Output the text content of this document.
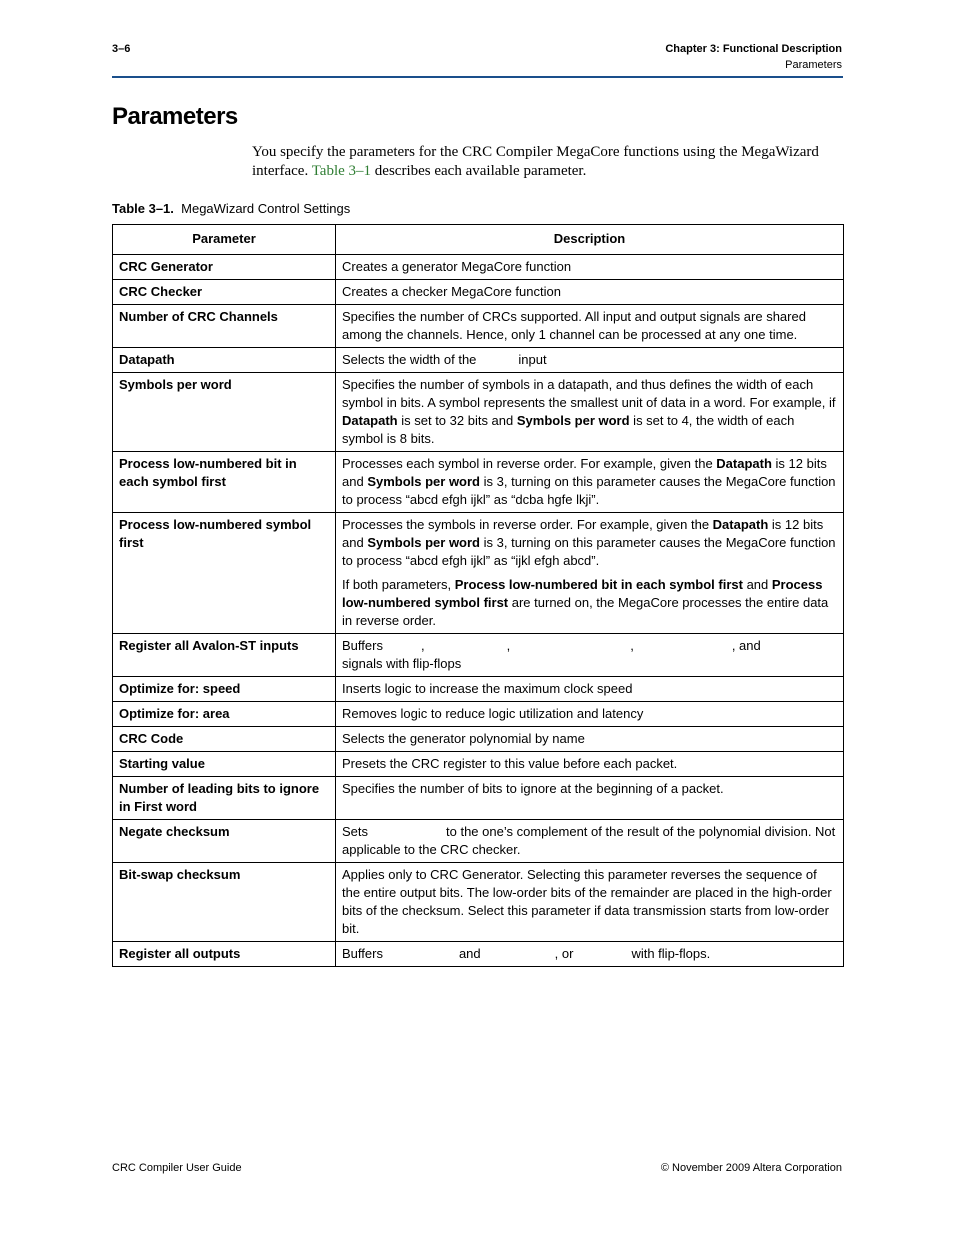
3–6	Chapter 3: Functional Description
Parameters
Parameters

You specify the parameters for the CRC Compiler MegaCore functions using the MegaWizard interface. Table 3–1 describes each available parameter.

Table 3–1. MegaWizard Control Settings
Parameter	Description
CRC Generator	Creates a generator MegaCore function
CRC Checker	Creates a checker MegaCore function
Number of CRC Channels	Specifies the number of CRCs supported. All input and output signals are shared among the channels. Hence, only 1 channel can be processed at any one time.
Datapath	Selects the width of the input
Symbols per word	Specifies the number of symbols in a datapath, and thus defines the width of each symbol in bits. A symbol represents the smallest unit of data in a word. For example, if Datapath is set to 32 bits and Symbols per word is set to 4, the width of each symbol is 8 bits.
Process low-numbered bit in each symbol first	Processes each symbol in reverse order. For example, given the Datapath is 12 bits and Symbols per word is 3, turning on this parameter causes the MegaCore function to process “abcd efgh ijkl” as “dcba hgfe lkji”.
Process low-numbered symbol first	Processes the symbols in reverse order. For example, given the Datapath is 12 bits and Symbols per word is 3, turning on this parameter causes the MegaCore function to process “abcd efgh ijkl” as “ijkl efgh abcd”.
If both parameters, Process low-numbered bit in each symbol first and Process low-numbered symbol first are turned on, the MegaCore processes the entire data in reverse order.

Register all Avalon-ST inputs	Buffers , , , , and
signals with flip-flops
Optimize for: speed	Inserts logic to increase the maximum clock speed
Optimize for: area	Removes logic to reduce logic utilization and latency
CRC Code	Selects the generator polynomial by name
Starting value	Presets the CRC register to this value before each packet.
Number of leading bits to ignore in First word	Specifies the number of bits to ignore at the beginning of a packet.
Negate checksum	Sets to the one’s complement of the result of the polynomial division. Not applicable to the CRC checker.
Bit-swap checksum	Applies only to CRC Generator. Selecting this parameter reverses the sequence of the entire output bits. The low-order bits of the remainder are placed in the high-order bits of the checksum. Select this parameter if data transmission starts from low-order bit.
Register all outputs	Buffers and , or with flip-flops.
CRC Compiler User Guide	© November 2009 Altera Corporation
